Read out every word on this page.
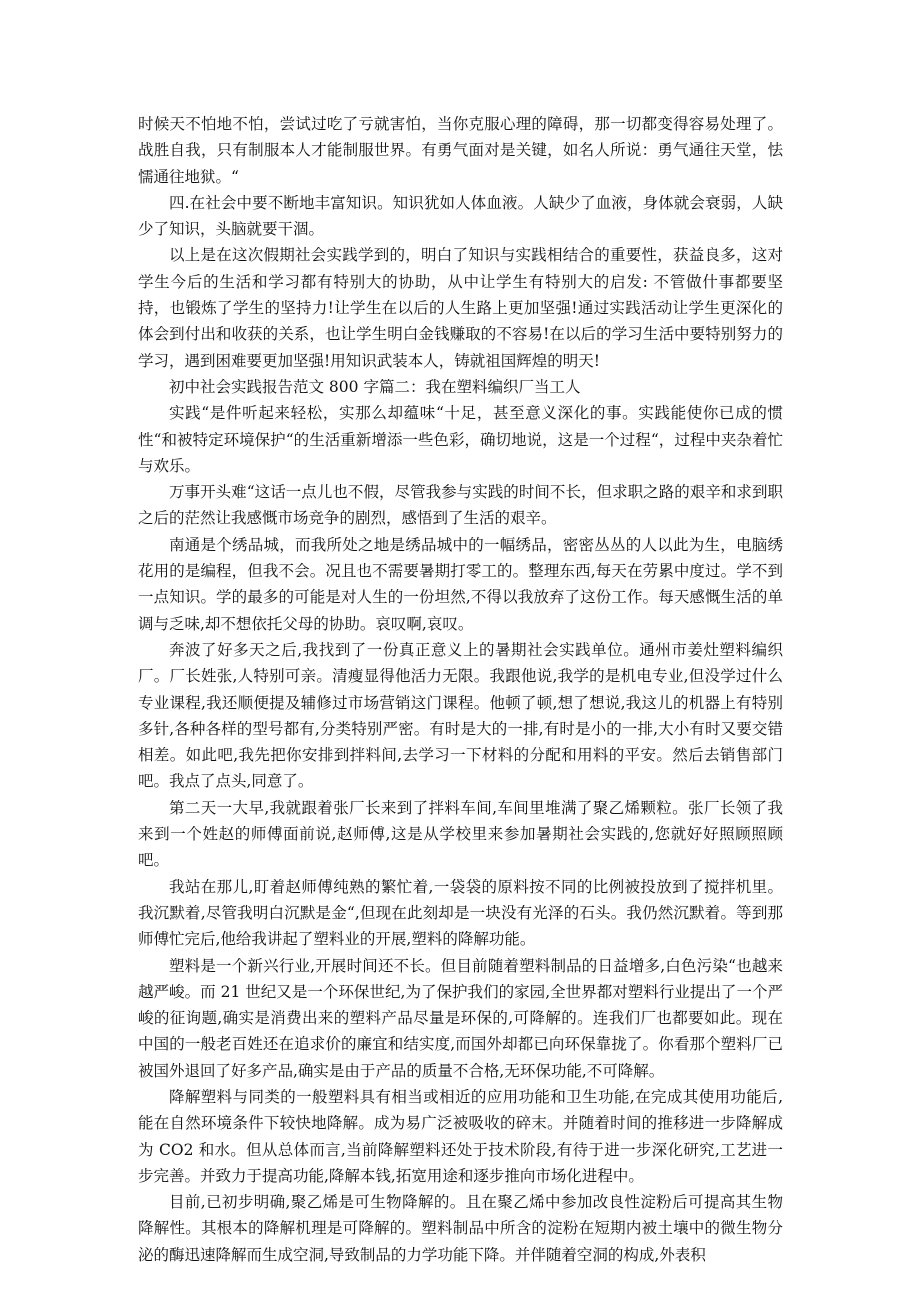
时候天不怕地不怕，尝试过吃了亏就害怕，当你克服心理的障碍，那一切都变得容易处理了。战胜自我，只有制服本人才能制服世界。有勇气面对是关键，如名人所说：勇气通往天堂，怯懦通往地狱。“

四.在社会中要不断地丰富知识。知识犹如人体血液。人缺少了血液，身体就会衰弱，人缺少了知识，头脑就要干涸。

以上是在这次假期社会实践学到的，明白了知识与实践相结合的重要性，获益良多，这对学生今后的生活和学习都有特别大的协助，从中让学生有特别大的启发: 不管做什事都要坚持，也锻炼了学生的坚持力!让学生在以后的人生路上更加坚强!通过实践活动让学生更深化的体会到付出和收获的关系，也让学生明白金钱赚取的不容易!在以后的学习生活中要特别努力的学习，遇到困难要更加坚强!用知识武装本人，铸就祖国辉煌的明天!

初中社会实践报告范文 800 字篇二：我在塑料编织厂当工人

实践“是件听起来轻松，实那么却蕴味“十足，甚至意义深化的事。实践能使你已成的惯性“和被特定环境保护“的生活重新增添一些色彩，确切地说，这是一个过程“，过程中夹杂着忙与欢乐。

万事开头难“这话一点儿也不假，尽管我参与实践的时间不长，但求职之路的艰辛和求到职之后的茫然让我感慨市场竞争的剧烈，感悟到了生活的艰辛。

南通是个绣品城，而我所处之地是绣品城中的一幅绣品，密密丛丛的人以此为生，电脑绣花用的是编程，但我不会。况且也不需要暑期打零工的。整理东西,每天在劳累中度过。学不到一点知识。学的最多的可能是对人生的一份坦然,不得以我放弃了这份工作。每天感慨生活的单调与乏味,却不想依托父母的协助。哀叹啊,哀叹。

奔波了好多天之后,我找到了一份真正意义上的暑期社会实践单位。通州市姜灶塑料编织厂。厂长姓张,人特别可亲。清瘦显得他活力无限。我跟他说,我学的是机电专业,但没学过什么专业课程,我还顺便提及辅修过市场营销这门课程。他顿了顿,想了想说,我这儿的机器上有特别多针,各种各样的型号都有,分类特别严密。有时是大的一排,有时是小的一排,大小有时又要交错相差。如此吧,我先把你安排到拌料间,去学习一下材料的分配和用料的平安。然后去销售部门吧。我点了点头,同意了。

第二天一大早,我就跟着张厂长来到了拌料车间,车间里堆满了聚乙烯颗粒。张厂长领了我来到一个姓赵的师傅面前说,赵师傅,这是从学校里来参加暑期社会实践的,您就好好照顾照顾吧。

我站在那儿,盯着赵师傅纯熟的繁忙着,一袋袋的原料按不同的比例被投放到了搅拌机里。我沉默着,尽管我明白沉默是金“,但现在此刻却是一块没有光泽的石头。我仍然沉默着。等到那师傅忙完后,他给我讲起了塑料业的开展,塑料的降解功能。

塑料是一个新兴行业,开展时间还不长。但目前随着塑料制品的日益增多,白色污染“也越来越严峻。而 21 世纪又是一个环保世纪,为了保护我们的家园,全世界都对塑料行业提出了一个严峻的征询题,确实是消费出来的塑料产品尽量是环保的,可降解的。连我们厂也都要如此。现在中国的一般老百姓还在追求价的廉宜和结实度,而国外却都已向环保靠拢了。你看那个塑料厂已被国外退回了好多产品,确实是由于产品的质量不合格,无环保功能,不可降解。

降解塑料与同类的一般塑料具有相当或相近的应用功能和卫生功能,在完成其使用功能后,能在自然环境条件下较快地降解。成为易广泛被吸收的碎末。并随着时间的推移进一步降解成为 CO2 和水。但从总体而言,当前降解塑料还处于技术阶段,有待于进一步深化研究,工艺进一步完善。并致力于提高功能,降解本钱,拓宽用途和逐步推向市场化进程中。

目前,已初步明确,聚乙烯是可生物降解的。且在聚乙烯中参加改良性淀粉后可提高其生物降解性。其根本的降解机理是可降解的。塑料制品中所含的淀粉在短期内被土壤中的微生物分泌的酶迅速降解而生成空洞,导致制品的力学功能下降。并伴随着空洞的构成,外表积
